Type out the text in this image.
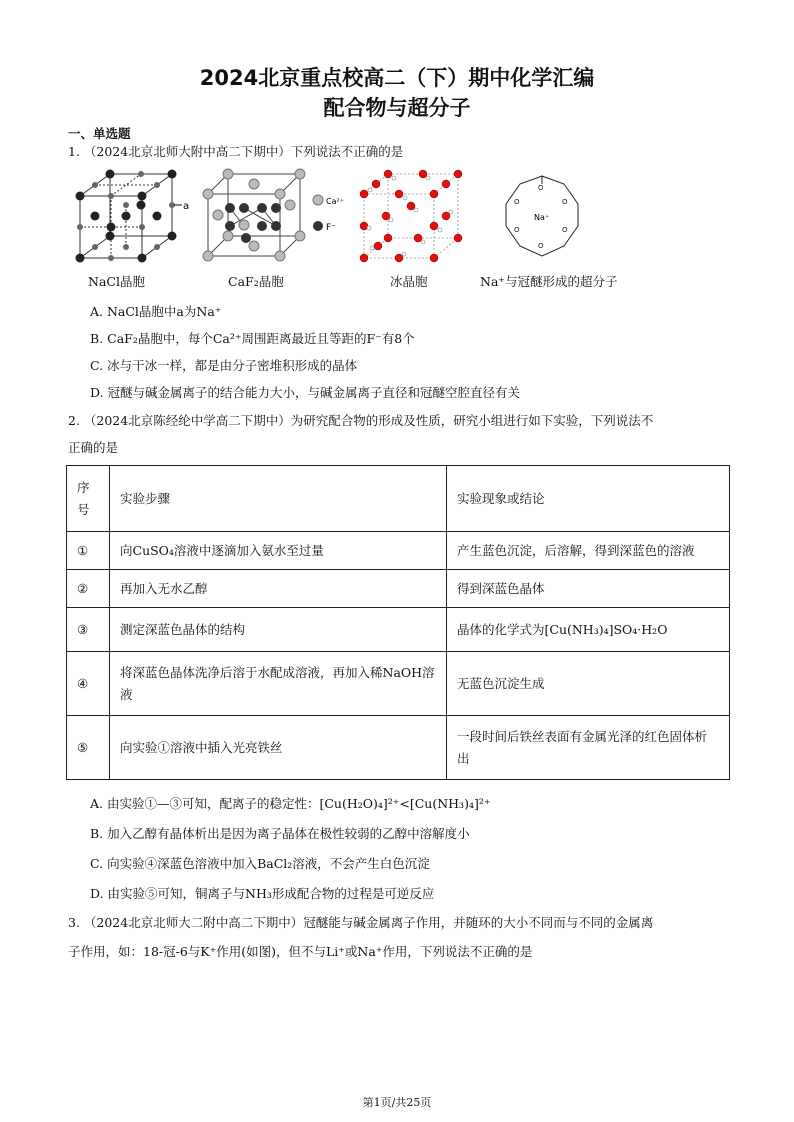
2024北京重点校高二（下）期中化学汇编
配合物与超分子
一、单选题
1. （2024北京北师大附中高二下期中）下列说法不正确的是
a
NaCl晶胞
Ca²⁺
F⁻
CaF₂晶胞	冰晶胞
O
O
O
O
O
O
Na⁺
Na⁺与冠醚形成的超分子
A. NaCl晶胞中a为Na⁺
B. CaF₂晶胞中，每个Ca²⁺周围距离最近且等距的F⁻有8个
C. 冰与干冰一样，都是由分子密堆积形成的晶体
D. 冠醚与碱金属离子的结合能力大小，与碱金属离子直径和冠醚空腔直径有关
2. （2024北京陈经纶中学高二下期中）为研究配合物的形成及性质，研究小组进行如下实验，下列说法不
正确的是
序号	实验步骤	实验现象或结论
①	向CuSO₄溶液中逐滴加入氨水至过量	产生蓝色沉淀，后溶解，得到深蓝色的溶液
②	再加入无水乙醇	得到深蓝色晶体
③	测定深蓝色晶体的结构	晶体的化学式为[Cu(NH₃)₄]SO₄·H₂O
④	将深蓝色晶体洗净后溶于水配成溶液，再加入稀NaOH溶液	无蓝色沉淀生成
⑤	向实验①溶液中插入光亮铁丝	一段时间后铁丝表面有金属光泽的红色固体析出
A. 由实验①—③可知，配离子的稳定性：[Cu(H₂O)₄]²⁺<[Cu(NH₃)₄]²⁺
B. 加入乙醇有晶体析出是因为离子晶体在极性较弱的乙醇中溶解度小
C. 向实验④深蓝色溶液中加入BaCl₂溶液，不会产生白色沉淀
D. 由实验⑤可知，铜离子与NH₃形成配合物的过程是可逆反应
3. （2024北京北师大二附中高二下期中）冠醚能与碱金属离子作用，并随环的大小不同而与不同的金属离
子作用，如：18-冠-6与K⁺作用(如图)，但不与Li⁺或Na⁺作用，下列说法不正确的是
第1页/共25页
